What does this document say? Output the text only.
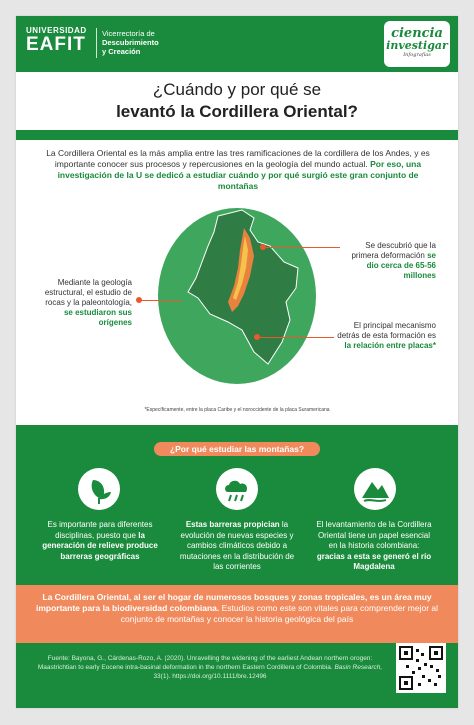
UNIVERSIDAD
EAFIT
Vicerrectoría de
Descubrimiento
y Creación
ciencia
investigar
Infografías
¿Cuándo y por qué se
levantó la Cordillera Oriental?
La Cordillera Oriental es la más amplia entre las tres ramificaciones de la cordillera de los Andes, y es importante conocer sus procesos y repercusiones en la geología del mundo actual. Por eso, una investigación de la U se dedicó a estudiar cuándo y por qué surgió este gran conjunto de montañas
Mediante la geología estructural, el estudio de rocas y la paleontología, se estudiaron sus orígenes
Se descubrió que la primera deformación se dio cerca de 65-56 millones
El principal mecanismo detrás de esta formación es la relación entre placas*
*Específicamente, entre la placa Caribe y el noroccidente de la placa Suramericana
¿Por qué estudiar las montañas?
Es importante para diferentes disciplinas, puesto que la generación de relieve produce barreras geográficas
Estas barreras propician la evolución de nuevas especies y cambios climáticos debido a mutaciones en la distribución de las corrientes
El levantamiento de la Cordillera Oriental tiene un papel esencial en la historia colombiana: gracias a esta se generó el río Magdalena
La Cordillera Oriental, al ser el hogar de numerosos bosques y zonas tropicales, es un área muy importante para la biodiversidad colombiana. Estudios como este son vitales para comprender mejor al conjunto de montañas y conocer la historia geológica del país
Fuente: Bayona, G., Cárdenas-Rozo, A. (2020). Unravelling the widening of the earliest Andean northern orogen: Maastrichtian to early Eocene intra-basinal deformation in the northern Eastern Cordillera of Colombia. Basin Research, 33(1). https://doi.org/10.1111/bre.12496
